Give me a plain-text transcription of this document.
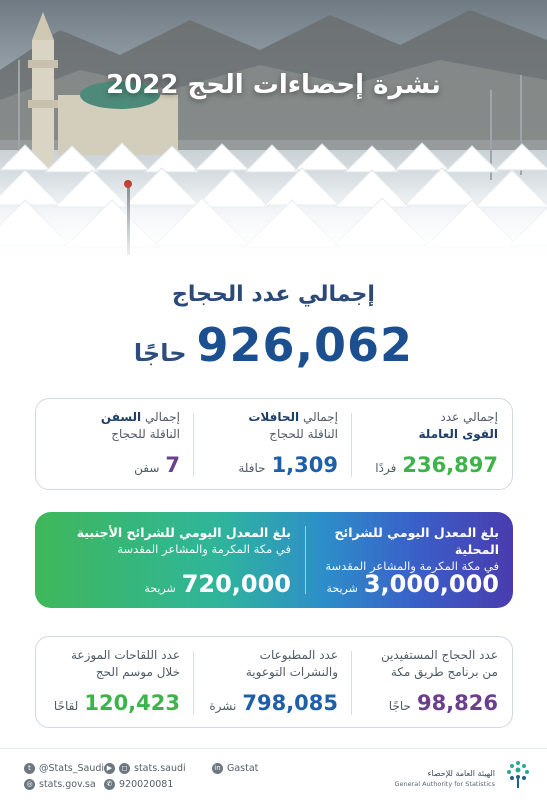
نشرة إحصاءات الحج 2022
إجمالي عدد الحجاج
حاجًا 926,062
إجمالي عدد
القوى العاملة
236,897
فردًا
إجمالي الحافلات
الناقلة للحجاج
1,309
حافلة
إجمالي السفن
الناقلة للحجاج
7
سفن
بلغ المعدل اليومي للشرائح المحلية
في مكة المكرمة والمشاعر المقدسة
3,000,000
شريحة
بلغ المعدل اليومي للشرائح الأجنبية
في مكة المكرمة والمشاعر المقدسة
720,000
شريحة
عدد الحجاج المستفيدين
من برنامج طريق مكة
98,826
حاجًا
عدد المطبوعات
والنشرات التوعوية
798,085
نشرة
عدد اللقاحات الموزعة
خلال موسم الحج
120,423
لقاحًا
t @Stats_Saudi
◎ stats.gov.sa
▶	◻ stats.saudi
✆ 920020081
in Gastat	الهيئة العامة للإحصاء
General Authority for Statistics
